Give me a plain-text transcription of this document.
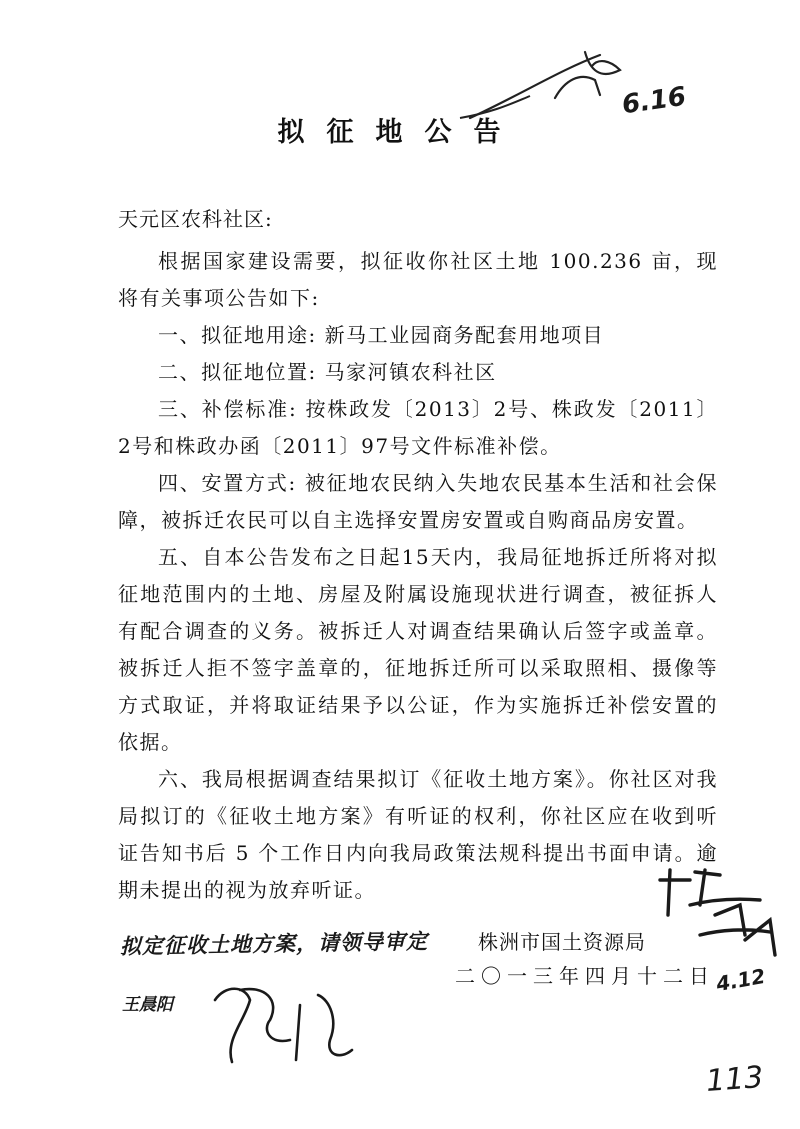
拟征地公告
6.16
天元区农科社区:

根据国家建设需要，拟征收你社区土地 100.236 亩，现将有关事项公告如下:

一、拟征地用途: 新马工业园商务配套用地项目

二、拟征地位置: 马家河镇农科社区

三、补偿标准: 按株政发〔2013〕2号、株政发〔2011〕2号和株政办函〔2011〕97号文件标准补偿。

四、安置方式: 被征地农民纳入失地农民基本生活和社会保障，被拆迁农民可以自主选择安置房安置或自购商品房安置。

五、自本公告发布之日起15天内，我局征地拆迁所将对拟征地范围内的土地、房屋及附属设施现状进行调查，被征拆人有配合调查的义务。被拆迁人对调查结果确认后签字或盖章。被拆迁人拒不签字盖章的，征地拆迁所可以采取照相、摄像等方式取证，并将取证结果予以公证，作为实施拆迁补偿安置的依据。

六、我局根据调查结果拟订《征收土地方案》。你社区对我局拟订的《征收土地方案》有听证的权利，你社区应在收到听证告知书后 5 个工作日内向我局政策法规科提出书面申请。逾期未提出的视为放弃听证。

拟定征收土地方案，请领导审定 株洲市国土资源局
二〇一三年四月十二日
王晨阳
4.12
113
